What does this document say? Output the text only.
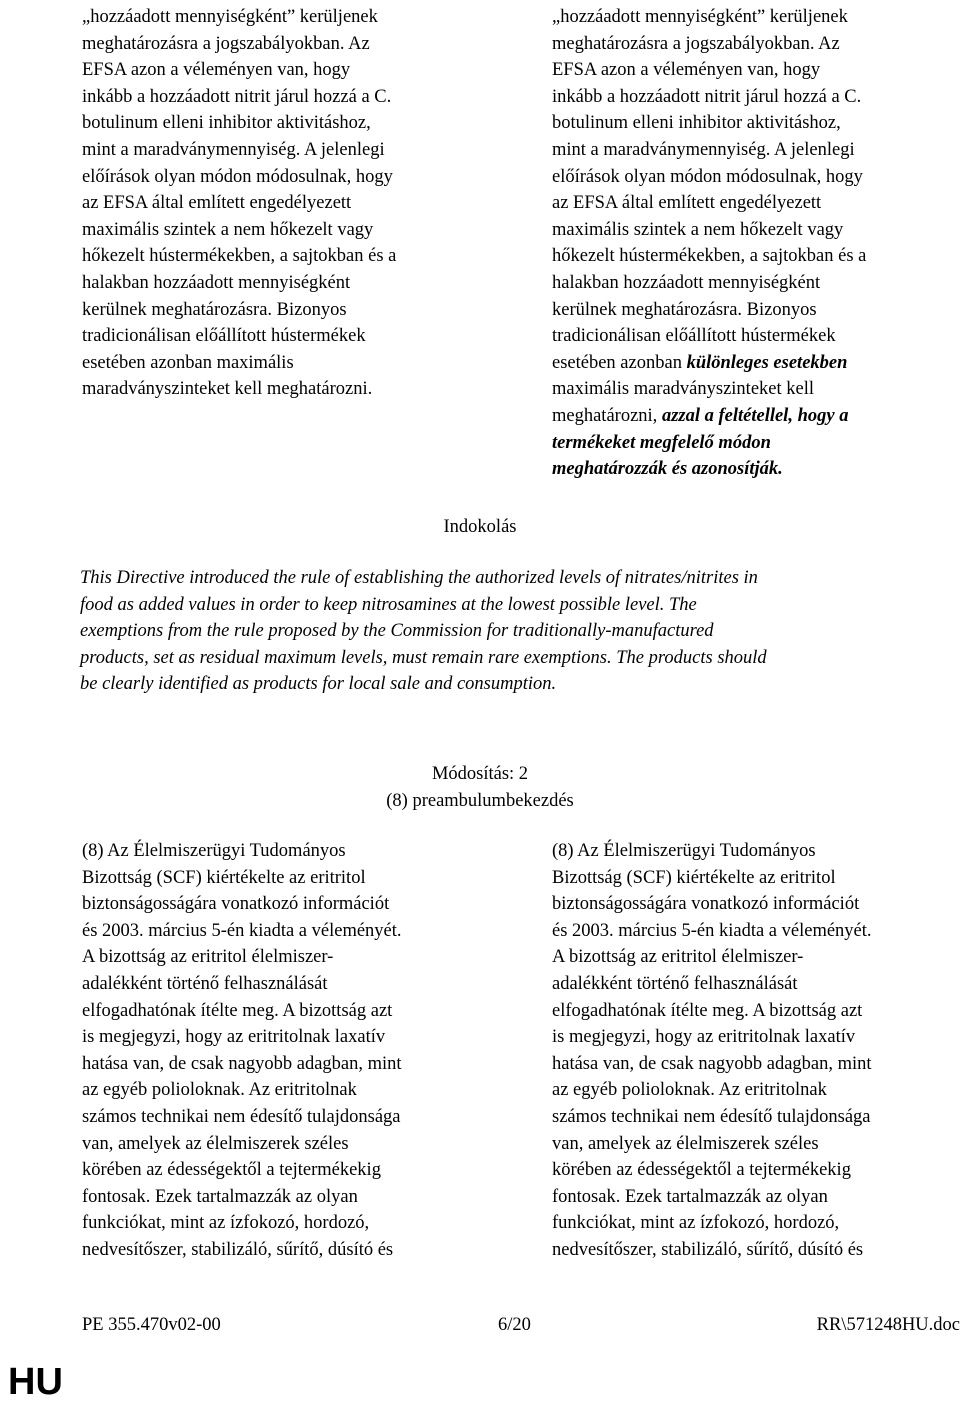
„hozzáadott mennyiségként” kerüljenek

meghatározásra a jogszabályokban. Az

EFSA azon a véleményen van, hogy

inkább a hozzáadott nitrit járul hozzá a C.

botulinum elleni inhibitor aktivitáshoz,

mint a maradványmennyiség. A jelenlegi

előírások olyan módon módosulnak, hogy

az EFSA által említett engedélyezett

maximális szintek a nem hőkezelt vagy

hőkezelt hústermékekben, a sajtokban és a

halakban hozzáadott mennyiségként

kerülnek meghatározásra. Bizonyos

tradicionálisan előállított hústermékek

esetében azonban maximális

maradványszinteket kell meghatározni.

„hozzáadott mennyiségként” kerüljenek

meghatározásra a jogszabályokban. Az

EFSA azon a véleményen van, hogy

inkább a hozzáadott nitrit járul hozzá a C.

botulinum elleni inhibitor aktivitáshoz,

mint a maradványmennyiség. A jelenlegi

előírások olyan módon módosulnak, hogy

az EFSA által említett engedélyezett

maximális szintek a nem hőkezelt vagy

hőkezelt hústermékekben, a sajtokban és a

halakban hozzáadott mennyiségként

kerülnek meghatározásra. Bizonyos

tradicionálisan előállított hústermékek

esetében azonban különleges esetekben

maximális maradványszinteket kell

meghatározni, azzal a feltétellel, hogy a

termékeket megfelelő módon

meghatározzák és azonosítják.

Indokolás
This Directive introduced the rule of establishing the authorized levels of nitrates/nitrites in
food as added values in order to keep nitrosamines at the lowest possible level. The
exemptions from the rule proposed by the Commission for traditionally-manufactured
products, set as residual maximum levels, must remain rare exemptions. The products should
be clearly identified as products for local sale and consumption.
Módosítás: 2
(8) preambulumbekezdés

(8) Az Élelmiszerügyi Tudományos

Bizottság (SCF) kiértékelte az eritritol

biztonságosságára vonatkozó információt

és 2003. március 5-én kiadta a véleményét.

A bizottság az eritritol élelmiszer-

adalékként történő felhasználását

elfogadhatónak ítélte meg. A bizottság azt

is megjegyzi, hogy az eritritolnak laxatív

hatása van, de csak nagyobb adagban, mint

az egyéb polioloknak. Az eritritolnak

számos technikai nem édesítő tulajdonsága

van, amelyek az élelmiszerek széles

körében az édességektől a tejtermékekig

fontosak. Ezek tartalmazzák az olyan

funkciókat, mint az ízfokozó, hordozó,

nedvesítőszer, stabilizáló, sűrítő, dúsító és

(8) Az Élelmiszerügyi Tudományos

Bizottság (SCF) kiértékelte az eritritol

biztonságosságára vonatkozó információt

és 2003. március 5-én kiadta a véleményét.

A bizottság az eritritol élelmiszer-

adalékként történő felhasználását

elfogadhatónak ítélte meg. A bizottság azt

is megjegyzi, hogy az eritritolnak laxatív

hatása van, de csak nagyobb adagban, mint

az egyéb polioloknak. Az eritritolnak

számos technikai nem édesítő tulajdonsága

van, amelyek az élelmiszerek széles

körében az édességektől a tejtermékekig

fontosak. Ezek tartalmazzák az olyan

funkciókat, mint az ízfokozó, hordozó,

nedvesítőszer, stabilizáló, sűrítő, dúsító és

PE 355.470v02-00	6/20	RR\571248HU.doc
HU
